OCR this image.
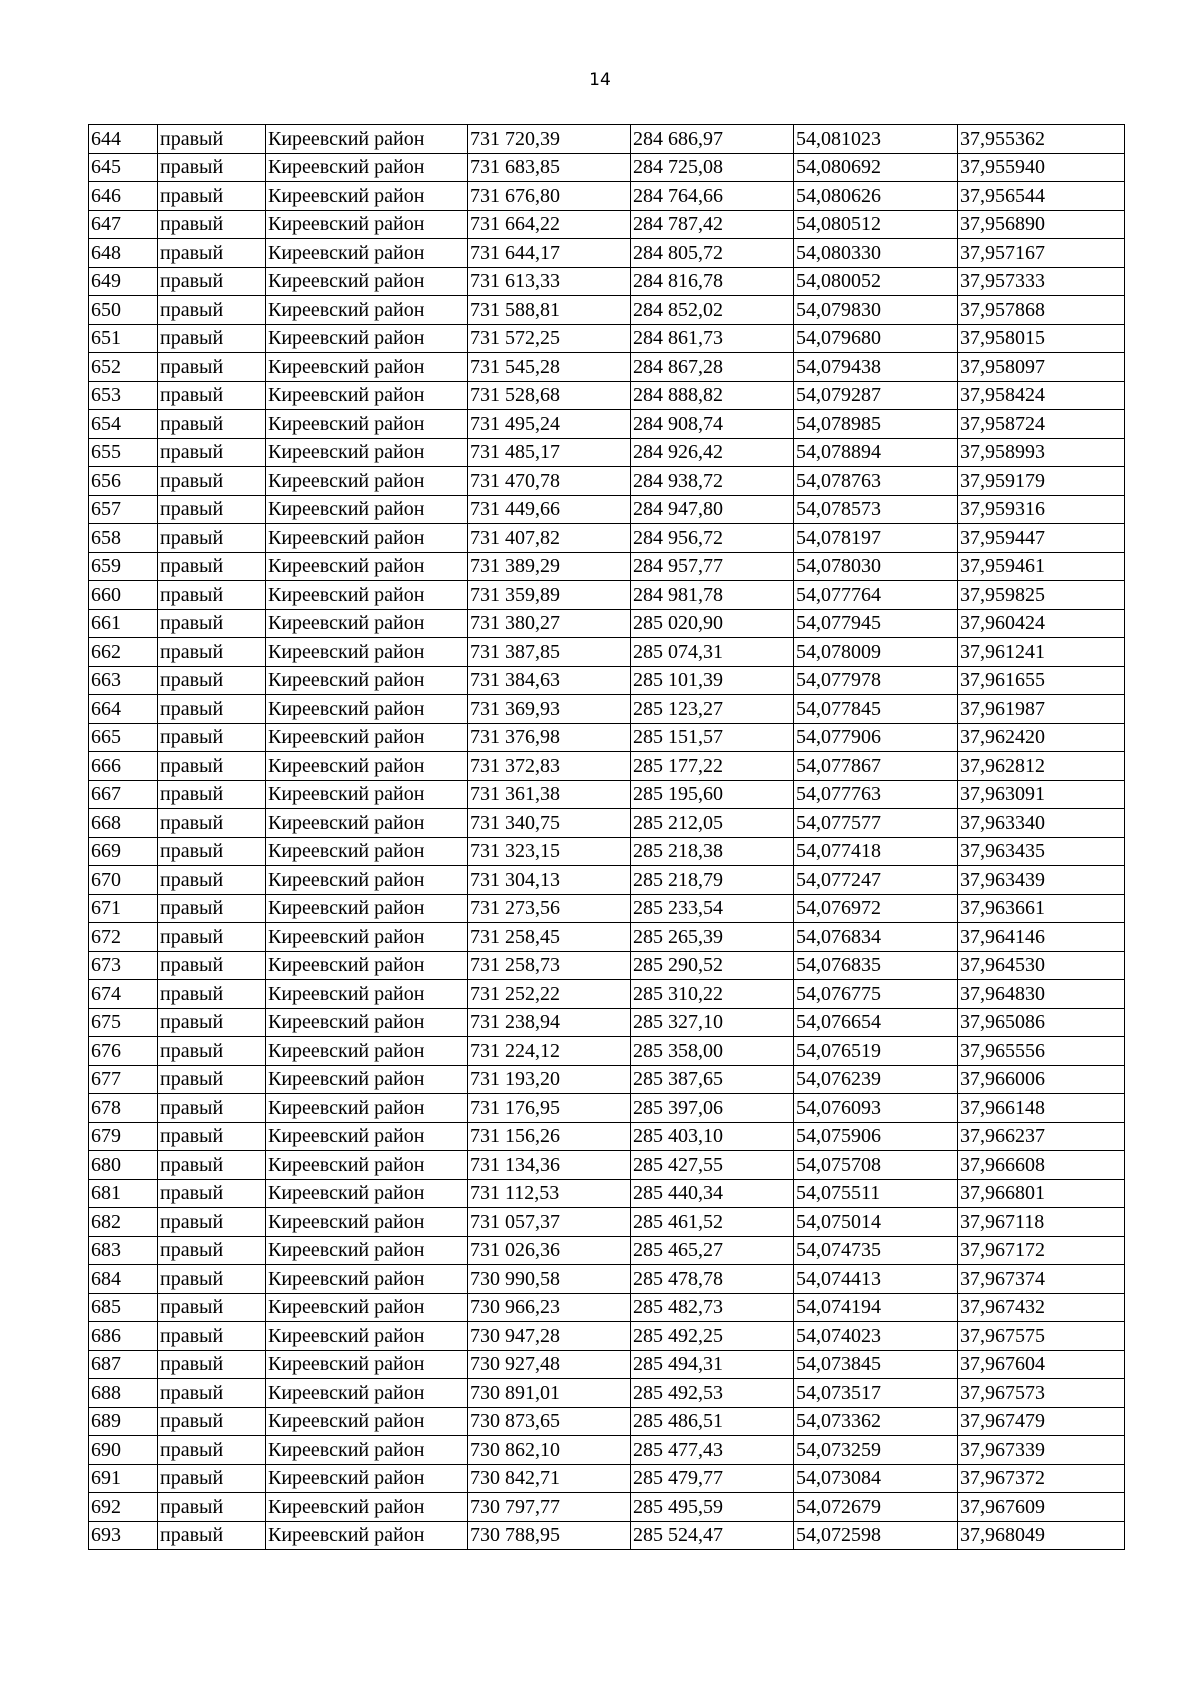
14
644	правый	Киреевский район	731 720,39	284 686,97	54,081023	37,955362
645	правый	Киреевский район	731 683,85	284 725,08	54,080692	37,955940
646	правый	Киреевский район	731 676,80	284 764,66	54,080626	37,956544
647	правый	Киреевский район	731 664,22	284 787,42	54,080512	37,956890
648	правый	Киреевский район	731 644,17	284 805,72	54,080330	37,957167
649	правый	Киреевский район	731 613,33	284 816,78	54,080052	37,957333
650	правый	Киреевский район	731 588,81	284 852,02	54,079830	37,957868
651	правый	Киреевский район	731 572,25	284 861,73	54,079680	37,958015
652	правый	Киреевский район	731 545,28	284 867,28	54,079438	37,958097
653	правый	Киреевский район	731 528,68	284 888,82	54,079287	37,958424
654	правый	Киреевский район	731 495,24	284 908,74	54,078985	37,958724
655	правый	Киреевский район	731 485,17	284 926,42	54,078894	37,958993
656	правый	Киреевский район	731 470,78	284 938,72	54,078763	37,959179
657	правый	Киреевский район	731 449,66	284 947,80	54,078573	37,959316
658	правый	Киреевский район	731 407,82	284 956,72	54,078197	37,959447
659	правый	Киреевский район	731 389,29	284 957,77	54,078030	37,959461
660	правый	Киреевский район	731 359,89	284 981,78	54,077764	37,959825
661	правый	Киреевский район	731 380,27	285 020,90	54,077945	37,960424
662	правый	Киреевский район	731 387,85	285 074,31	54,078009	37,961241
663	правый	Киреевский район	731 384,63	285 101,39	54,077978	37,961655
664	правый	Киреевский район	731 369,93	285 123,27	54,077845	37,961987
665	правый	Киреевский район	731 376,98	285 151,57	54,077906	37,962420
666	правый	Киреевский район	731 372,83	285 177,22	54,077867	37,962812
667	правый	Киреевский район	731 361,38	285 195,60	54,077763	37,963091
668	правый	Киреевский район	731 340,75	285 212,05	54,077577	37,963340
669	правый	Киреевский район	731 323,15	285 218,38	54,077418	37,963435
670	правый	Киреевский район	731 304,13	285 218,79	54,077247	37,963439
671	правый	Киреевский район	731 273,56	285 233,54	54,076972	37,963661
672	правый	Киреевский район	731 258,45	285 265,39	54,076834	37,964146
673	правый	Киреевский район	731 258,73	285 290,52	54,076835	37,964530
674	правый	Киреевский район	731 252,22	285 310,22	54,076775	37,964830
675	правый	Киреевский район	731 238,94	285 327,10	54,076654	37,965086
676	правый	Киреевский район	731 224,12	285 358,00	54,076519	37,965556
677	правый	Киреевский район	731 193,20	285 387,65	54,076239	37,966006
678	правый	Киреевский район	731 176,95	285 397,06	54,076093	37,966148
679	правый	Киреевский район	731 156,26	285 403,10	54,075906	37,966237
680	правый	Киреевский район	731 134,36	285 427,55	54,075708	37,966608
681	правый	Киреевский район	731 112,53	285 440,34	54,075511	37,966801
682	правый	Киреевский район	731 057,37	285 461,52	54,075014	37,967118
683	правый	Киреевский район	731 026,36	285 465,27	54,074735	37,967172
684	правый	Киреевский район	730 990,58	285 478,78	54,074413	37,967374
685	правый	Киреевский район	730 966,23	285 482,73	54,074194	37,967432
686	правый	Киреевский район	730 947,28	285 492,25	54,074023	37,967575
687	правый	Киреевский район	730 927,48	285 494,31	54,073845	37,967604
688	правый	Киреевский район	730 891,01	285 492,53	54,073517	37,967573
689	правый	Киреевский район	730 873,65	285 486,51	54,073362	37,967479
690	правый	Киреевский район	730 862,10	285 477,43	54,073259	37,967339
691	правый	Киреевский район	730 842,71	285 479,77	54,073084	37,967372
692	правый	Киреевский район	730 797,77	285 495,59	54,072679	37,967609
693	правый	Киреевский район	730 788,95	285 524,47	54,072598	37,968049
